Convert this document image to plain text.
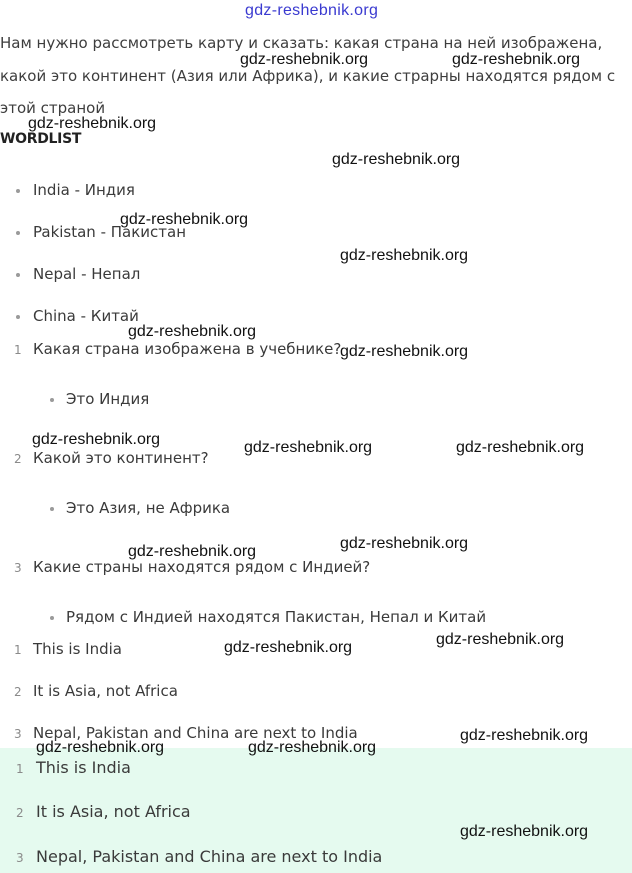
gdz-reshebnik.org
Нам нужно рассмотреть карту и сказать: какая страна на ней изображена,
какой это континент (Азия или Африка), и какие страрны находятся рядом с
этой страной
WORDLIST
India - Индия
Pakistan - Пакистан
Nepal - Непал
China - Китай
1 Какая страна изображена в учебнике?
Это Индия
2 Какой это континент?
Это Азия, не Африка
3 Какие страны находятся рядом с Индией?
Рядом с Индией находятся Пакистан, Непал и Китай
1 This is India
2 It is Asia, not Africa
3 Nepal, Pakistan and China are next to India
1 This is India
2 It is Asia, not Africa
3 Nepal, Pakistan and China are next to India
gdz-reshebnik.org	gdz-reshebnik.org
gdz-reshebnik.org
gdz-reshebnik.org
gdz-reshebnik.org
gdz-reshebnik.org
gdz-reshebnik.org
gdz-reshebnik.org
gdz-reshebnik.org	gdz-reshebnik.org	gdz-reshebnik.org
gdz-reshebnik.org	gdz-reshebnik.org
gdz-reshebnik.org	gdz-reshebnik.org
gdz-reshebnik.org	gdz-reshebnik.org
gdz-reshebnik.org
gdz-reshebnik.org
